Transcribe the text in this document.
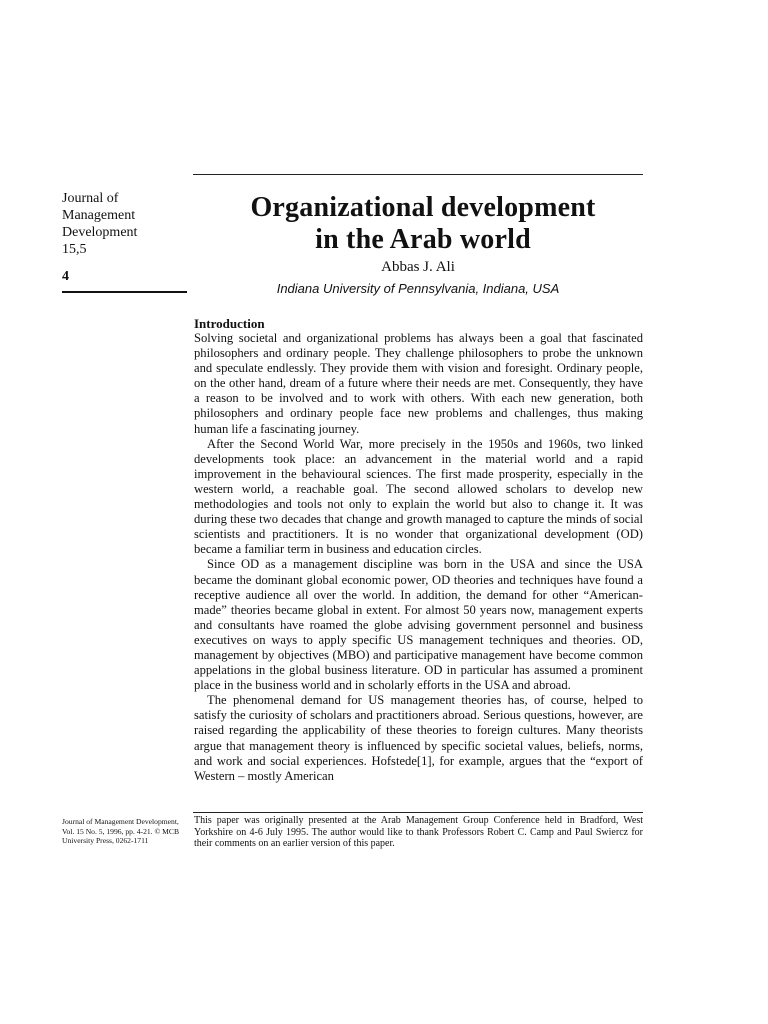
Journal of
Management
Development
15,5
4
Organizational development
in the Arab world
Abbas J. Ali
Indiana University of Pennsylvania, Indiana, USA
Introduction

Solving societal and organizational problems has always been a goal that fascinated philosophers and ordinary people. They challenge philosophers to probe the unknown and speculate endlessly. They provide them with vision and foresight. Ordinary people, on the other hand, dream of a future where their needs are met. Consequently, they have a reason to be involved and to work with others. With each new generation, both philosophers and ordinary people face new problems and challenges, thus making human life a fascinating journey.

After the Second World War, more precisely in the 1950s and 1960s, two linked developments took place: an advancement in the material world and a rapid improvement in the behavioural sciences. The first made prosperity, especially in the western world, a reachable goal. The second allowed scholars to develop new methodologies and tools not only to explain the world but also to change it. It was during these two decades that change and growth managed to capture the minds of social scientists and practitioners. It is no wonder that organizational development (OD) became a familiar term in business and education circles.

Since OD as a management discipline was born in the USA and since the USA became the dominant global economic power, OD theories and techniques have found a receptive audience all over the world. In addition, the demand for other “American-made” theories became global in extent. For almost 50 years now, management experts and consultants have roamed the globe advising government personnel and business executives on ways to apply specific US management techniques and theories. OD, management by objectives (MBO) and participative management have become common appelations in the global business literature. OD in particular has assumed a prominent place in the business world and in scholarly efforts in the USA and abroad.

The phenomenal demand for US management theories has, of course, helped to satisfy the curiosity of scholars and practitioners abroad. Serious questions, however, are raised regarding the applicability of these theories to foreign cultures. Many theorists argue that management theory is influenced by specific societal values, beliefs, norms, and work and social experiences. Hofstede[1], for example, argues that the “export of Western – mostly American

Journal of Management Development, Vol. 15 No. 5, 1996, pp. 4-21. © MCB University Press, 0262-1711

This paper was originally presented at the Arab Management Group Conference held in Bradford, West Yorkshire on 4-6 July 1995. The author would like to thank Professors Robert C. Camp and Paul Swiercz for their comments on an earlier version of this paper.
